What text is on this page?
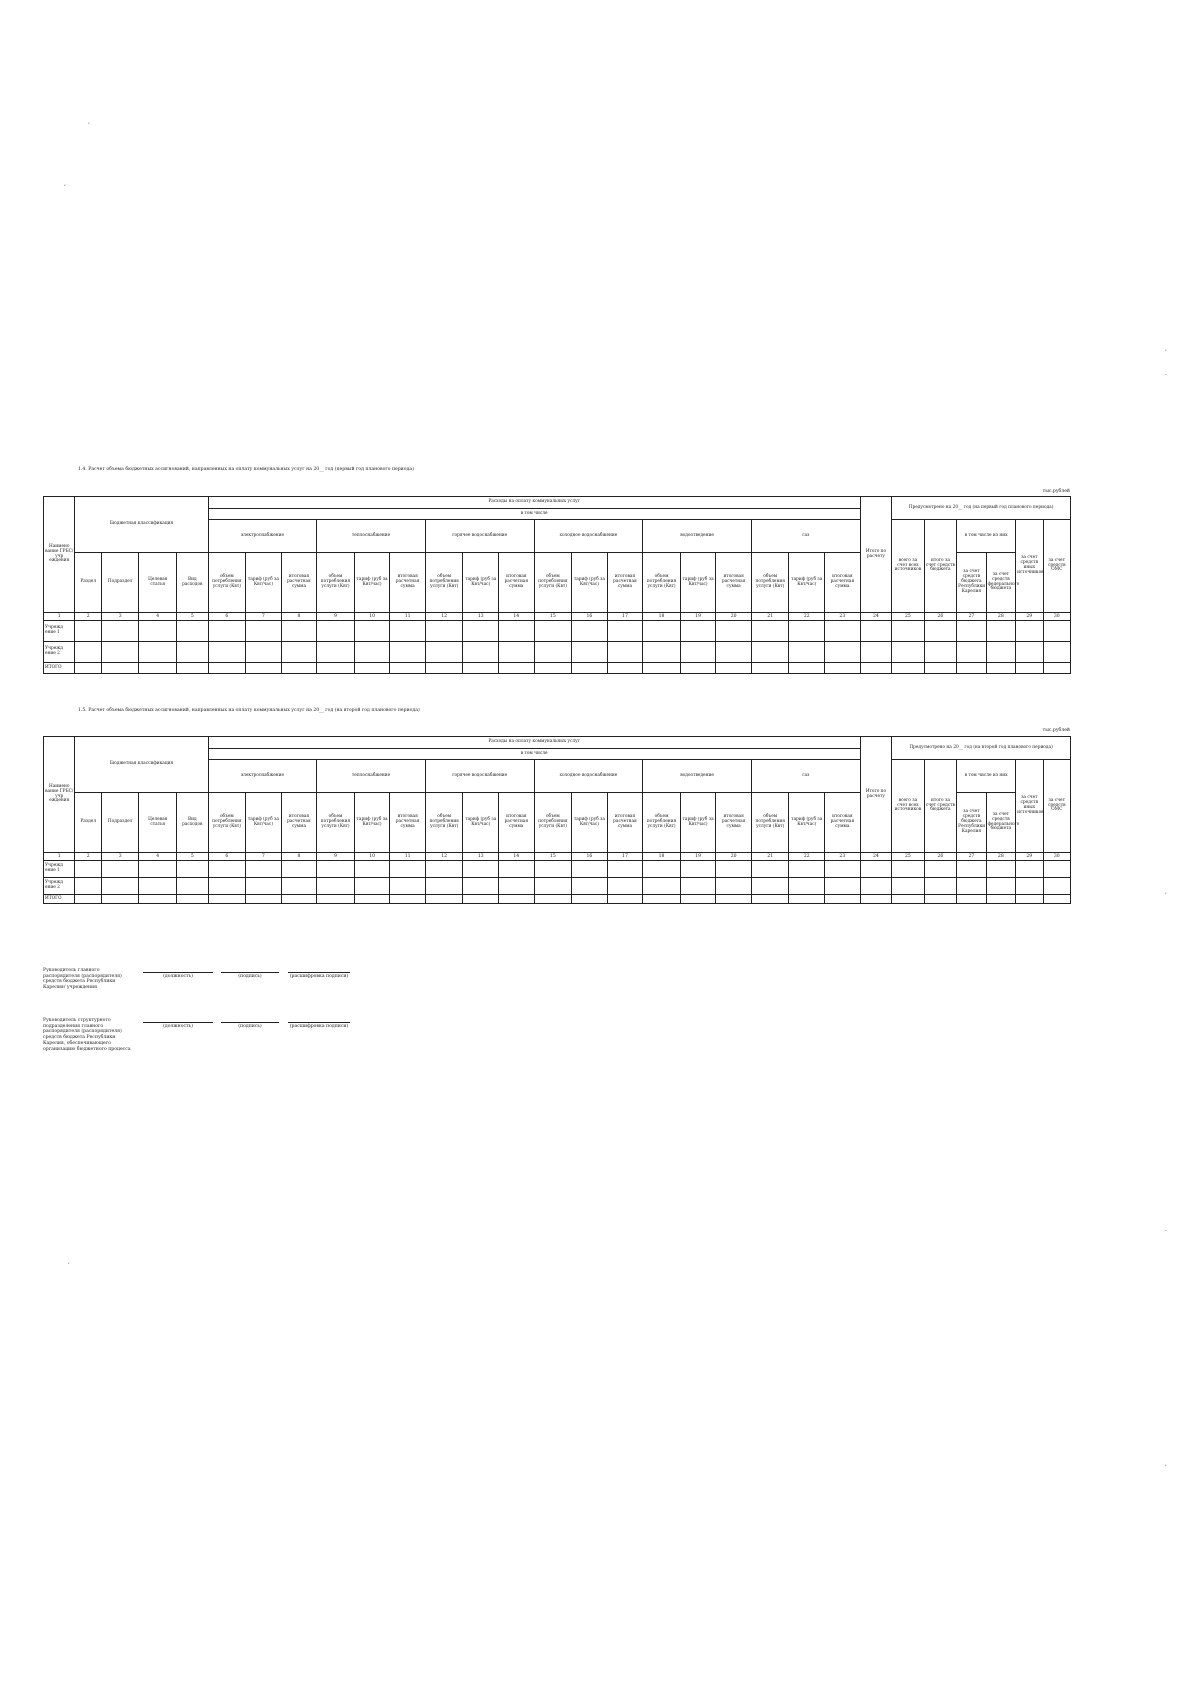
,
,
,
.
,
·
,
,
1.4. Расчет объема бюджетных ассигнований, направленных на оплату коммунальных услуг на 20__ год (первый год планового периода)
тыс.рублей
Наимено вание ГРБС/учр еждения	Бюджетная классификация				Расходы на оплату коммунальных услуг																		Итого по расчету	Предусмотрено на 20__ год (на первый год планового периода)					
					в том числе																								
					электроснабжение			теплоснабжение			горячее водоснабжение			холодное водоснабжение			водоотведение			газ				всего за счет всех источников	итого за счет средств бюджета	в том числе из них		за счет средств иных источников	за счет средств ОМС
	Раздел	Подраздел	Целевая статья	Вид расходов	объем потребления услуги (Квт)	тариф (руб за Квт/час)	итоговая расчетная сумма	объем потребления услуги (Квт)	тариф (руб за Квт/час)	итоговая расчетная сумма	объем потребления услуги (Квт)	тариф (руб за Квт/час)	итоговая расчетная сумма	объем потребления услуги (Квт)	тариф (руб за Квт/час)	итоговая расчетная сумма	объем потребления услуги (Квт)	тариф (руб за Квт/час)	итоговая расчетная сумма	объем потребления услуги (Квт)	тариф (руб за Квт/час)	итоговая расчетная сумма				за счет средств бюджета Республики Карелия	за счет средств федерального бюджета		
1	2	3	4	5	6	7	8	9	10	11	12	13	14	15	16	17	18	19	20	21	22	23	24	25	26	27	28	29	30
Учрежд ение 1																													
Учрежд ение 2																													
ИТОГО																													
1.5. Расчет объема бюджетных ассигнований, направленных на оплату коммунальных услуг на 20__ год (на второй год планового периода)
тыс.рублей
Наимено вание ГРБС/учр еждения	Бюджетная классификация				Расходы на оплату коммунальных услуг																		Итого по расчету	Предусмотрено на 20__ год (на второй год планового периода)					
					в том числе																								
					электроснабжение			теплоснабжение			горячее водоснабжение			холодное водоснабжение			водоотведение			газ				всего за счет всех источников	итого за счет средств бюджета	в том числе из них		за счет средств иных источников	за счет средств ОМС
	Раздел	Подраздел	Целевая статья	Вид расходов	объем потребления услуги (Квт)	тариф (руб за Квт/час)	итоговая расчетная сумма	объем потребления услуги (Квт)	тариф (руб за Квт/час)	итоговая расчетная сумма	объем потребления услуги (Квт)	тариф (руб за Квт/час)	итоговая расчетная сумма	объем потребления услуги (Квт)	тариф (руб за Квт/час)	итоговая расчетная сумма	объем потребления услуги (Квт)	тариф (руб за Квт/час)	итоговая расчетная сумма	объем потребления услуги (Квт)	тариф (руб за Квт/час)	итоговая расчетная сумма				за счет средств бюджета Республики Карелия	за счет средств федерального бюджета		
1	2	3	4	5	6	7	8	9	10	11	12	13	14	15	16	17	18	19	20	21	22	23	24	25	26	27	28	29	30
Учрежд ение 1																													
Учрежд ение 2																													
ИТОГО																													
Руководитель главного распорядителя (распорядителя) средств бюджета Республики Карелия/ учреждения
(должность)	(подпись)	(расшифровка подписи)
Руководитель структурного подразделения главного распорядителя (распорядителя) средств бюджета Республики Карелия, обеспечивающего организацию бюджетного процесса
(должность)	(подпись)	(расшифровка подписи)
